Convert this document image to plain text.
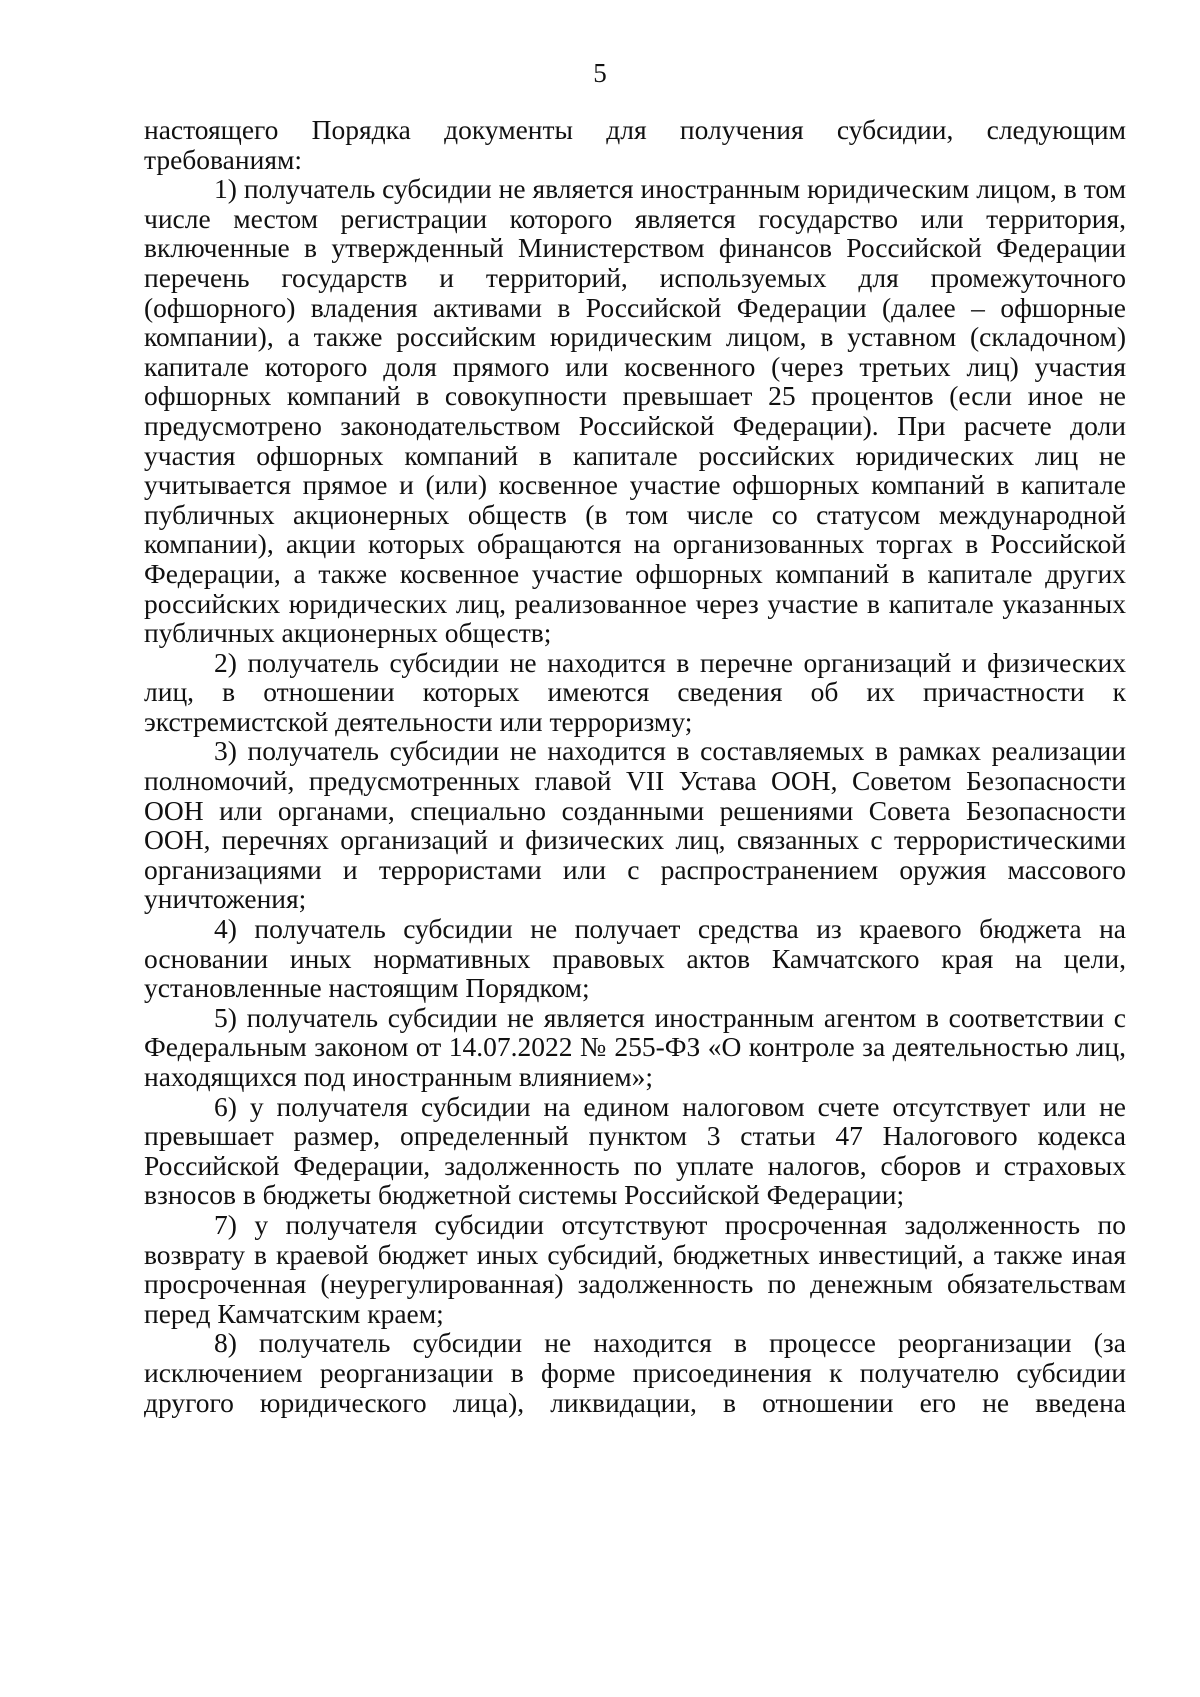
5

настоящего Порядка документы для получения субсидии, следующим требованиям:

1) получатель субсидии не является иностранным юридическим лицом, в том числе местом регистрации которого является государство или территория, включенные в утвержденный Министерством финансов Российской Федерации перечень государств и территорий, используемых для промежуточного (офшорного) владения активами в Российской Федерации (далее – офшорные компании), а также российским юридическим лицом, в уставном (складочном) капитале которого доля прямого или косвенного (через третьих лиц) участия офшорных компаний в совокупности превышает 25 процентов (если иное не предусмотрено законодательством Российской Федерации). При расчете доли участия офшорных компаний в капитале российских юридических лиц не учитывается прямое и (или) косвенное участие офшорных компаний в капитале публичных акционерных обществ (в том числе со статусом международной компании), акции которых обращаются на организованных торгах в Российской Федерации, а также косвенное участие офшорных компаний в капитале других российских юридических лиц, реализованное через участие в капитале указанных публичных акционерных обществ;

2) получатель субсидии не находится в перечне организаций и физических лиц, в отношении которых имеются сведения об их причастности к экстремистской деятельности или терроризму;

3) получатель субсидии не находится в составляемых в рамках реализации полномочий, предусмотренных главой VII Устава ООН, Советом Безопасности ООН или органами, специально созданными решениями Совета Безопасности ООН, перечнях организаций и физических лиц, связанных с террористическими организациями и террористами или с распространением оружия массового уничтожения;

4) получатель субсидии не получает средства из краевого бюджета на основании иных нормативных правовых актов Камчатского края на цели, установленные настоящим Порядком;

5) получатель субсидии не является иностранным агентом в соответствии с Федеральным законом от 14.07.2022 № 255-ФЗ «О контроле за деятельностью лиц, находящихся под иностранным влиянием»;

6) у получателя субсидии на едином налоговом счете отсутствует или не превышает размер, определенный пунктом 3 статьи 47 Налогового кодекса Российской Федерации, задолженность по уплате налогов, сборов и страховых взносов в бюджеты бюджетной системы Российской Федерации;

7) у получателя субсидии отсутствуют просроченная задолженность по возврату в краевой бюджет иных субсидий, бюджетных инвестиций, а также иная просроченная (неурегулированная) задолженность по денежным обязательствам перед Камчатским краем;

8) получатель субсидии не находится в процессе реорганизации (за исключением реорганизации в форме присоединения к получателю субсидии другого юридического лица), ликвидации, в отношении его не введена
